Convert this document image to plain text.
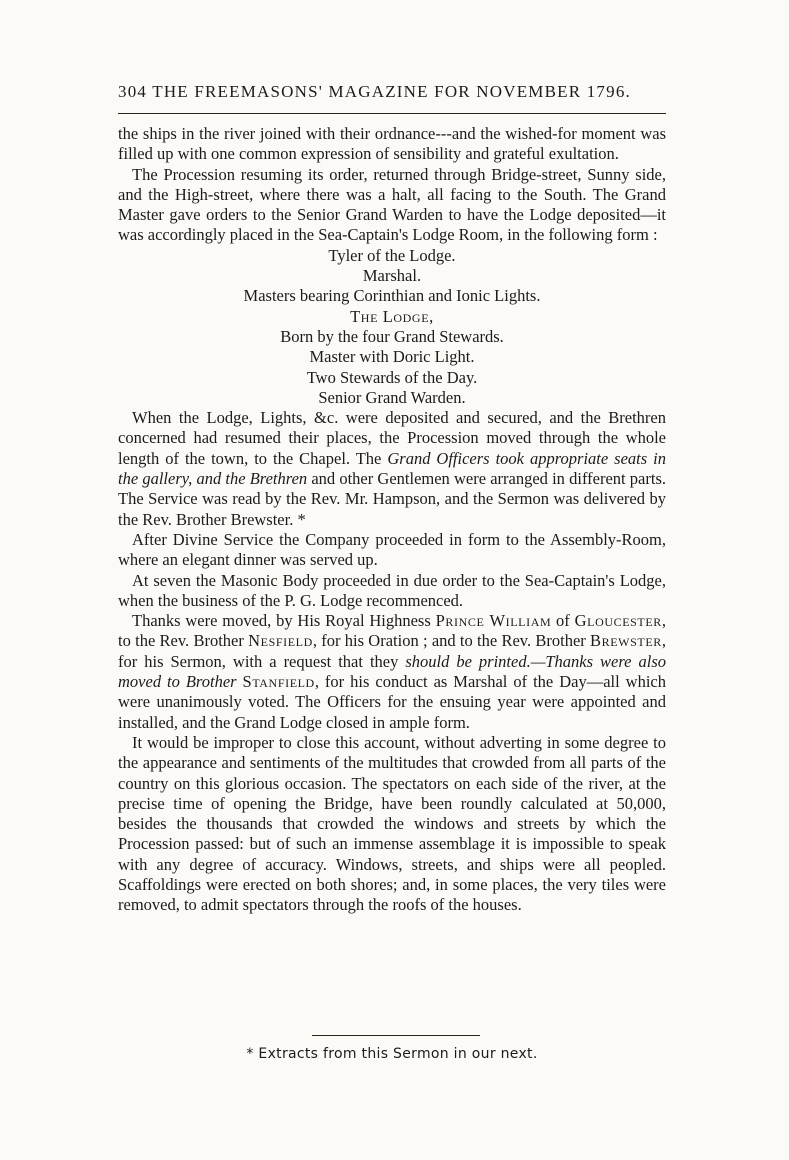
304 THE FREEMASONS' MAGAZINE FOR NOVEMBER 1796.

the ships in the river joined with their ordnance---and the wished-for moment was filled up with one common expression of sensibility and grateful exultation.

The Procession resuming its order, returned through Bridge-street, Sunny side, and the High-street, where there was a halt, all facing to the South. The Grand Master gave orders to the Senior Grand Warden to have the Lodge deposited—it was accordingly placed in the Sea-Captain's Lodge Room, in the following form :

Tyler of the Lodge.

Marshal.

Masters bearing Corinthian and Ionic Lights.

The Lodge,

Born by the four Grand Stewards.

Master with Doric Light.

Two Stewards of the Day.

Senior Grand Warden.

When the Lodge, Lights, &c. were deposited and secured, and the Brethren concerned had resumed their places, the Procession moved through the whole length of the town, to the Chapel. The Grand Officers took appropriate seats in the gallery, and the Brethren and other Gentlemen were arranged in different parts. The Service was read by the Rev. Mr. Hampson, and the Sermon was delivered by the Rev. Brother Brewster. *

After Divine Service the Company proceeded in form to the Assembly-Room, where an elegant dinner was served up.

At seven the Masonic Body proceeded in due order to the Sea-Captain's Lodge, when the business of the P. G. Lodge recommenced.

Thanks were moved, by His Royal Highness Prince William of Gloucester, to the Rev. Brother Nesfield, for his Oration ; and to the Rev. Brother Brewster, for his Sermon, with a request that they should be printed.—Thanks were also moved to Brother Stanfield, for his conduct as Marshal of the Day—all which were unanimously voted. The Officers for the ensuing year were appointed and installed, and the Grand Lodge closed in ample form.

It would be improper to close this account, without adverting in some degree to the appearance and sentiments of the multitudes that crowded from all parts of the country on this glorious occasion. The spectators on each side of the river, at the precise time of opening the Bridge, have been roundly calculated at 50,000, besides the thousands that crowded the windows and streets by which the Procession passed: but of such an immense assemblage it is impossible to speak with any degree of accuracy. Windows, streets, and ships were all peopled. Scaffoldings were erected on both shores; and, in some places, the very tiles were removed, to admit spectators through the roofs of the houses.

* Extracts from this Sermon in our next.
